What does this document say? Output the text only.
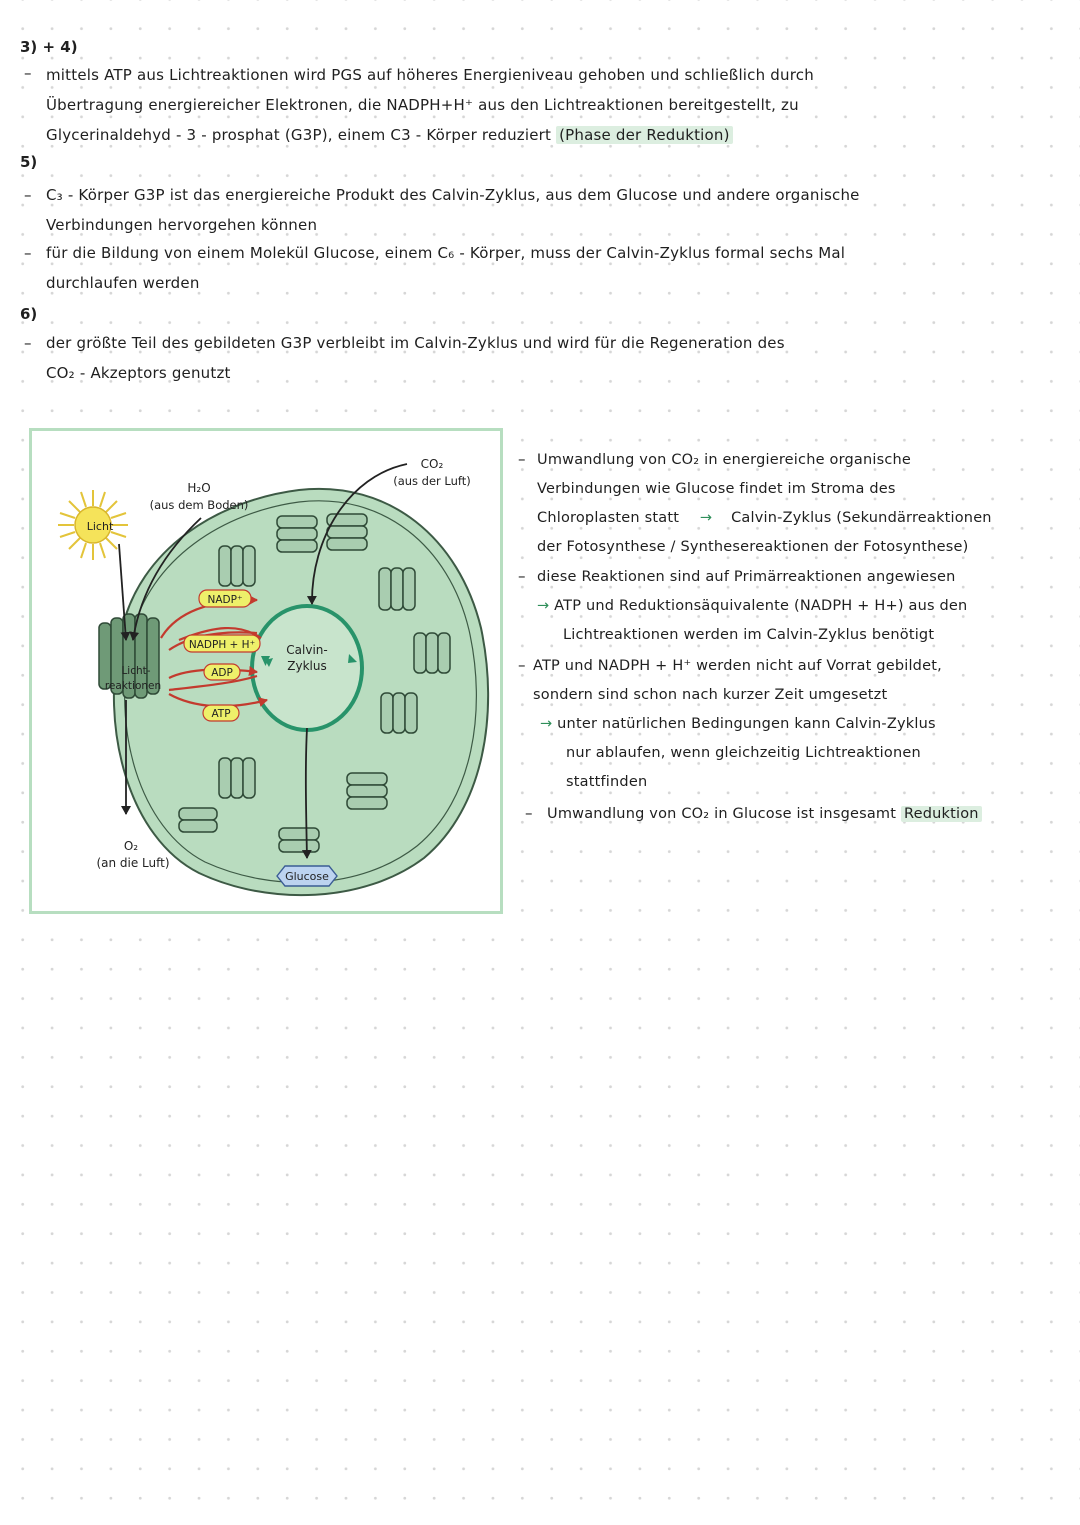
3) + 4)
– mittels ATP aus Lichtreaktionen wird PGS auf höheres Energieniveau gehoben und schließlich durch
Übertragung energiereicher Elektronen, die NADPH+H⁺ aus den Lichtreaktionen bereitgestellt, zu
Glycerinaldehyd - 3 - prosphat (G3P), einem C3 - Körper reduziert (Phase der Reduktion)
5)
– C₃ - Körper G3P ist das energiereiche Produkt des Calvin-Zyklus, aus dem Glucose und andere organische
Verbindungen hervorgehen können
– für die Bildung von einem Molekül Glucose, einem C₆ - Körper, muss der Calvin-Zyklus formal sechs Mal
durchlaufen werden
6)
– der größte Teil des gebildeten G3P verbleibt im Calvin-Zyklus und wird für die Regeneration des
CO₂ - Akzeptors genutzt
Licht
NADP⁺
NADPH + H⁺
ADP
ATP
Licht-
reaktionen
Calvin-
Zyklus
H₂O
(aus dem Boden)
CO₂
(aus der Luft)
O₂
(an die Luft)
Glucose
– Umwandlung von CO₂ in energiereiche organische
Verbindungen wie Glucose findet im Stroma des
Chloroplasten statt → Calvin-Zyklus (Sekundärreaktionen
der Fotosynthese / Synthesereaktionen der Fotosynthese)
– diese Reaktionen sind auf Primärreaktionen angewiesen
→ ATP und Reduktionsäquivalente (NADPH + H+) aus den
Lichtreaktionen werden im Calvin-Zyklus benötigt
– ATP und NADPH + H⁺ werden nicht auf Vorrat gebildet,
sondern sind schon nach kurzer Zeit umgesetzt
→ unter natürlichen Bedingungen kann Calvin-Zyklus
nur ablaufen, wenn gleichzeitig Lichtreaktionen
stattfinden
– Umwandlung von CO₂ in Glucose ist insgesamt Reduktion
